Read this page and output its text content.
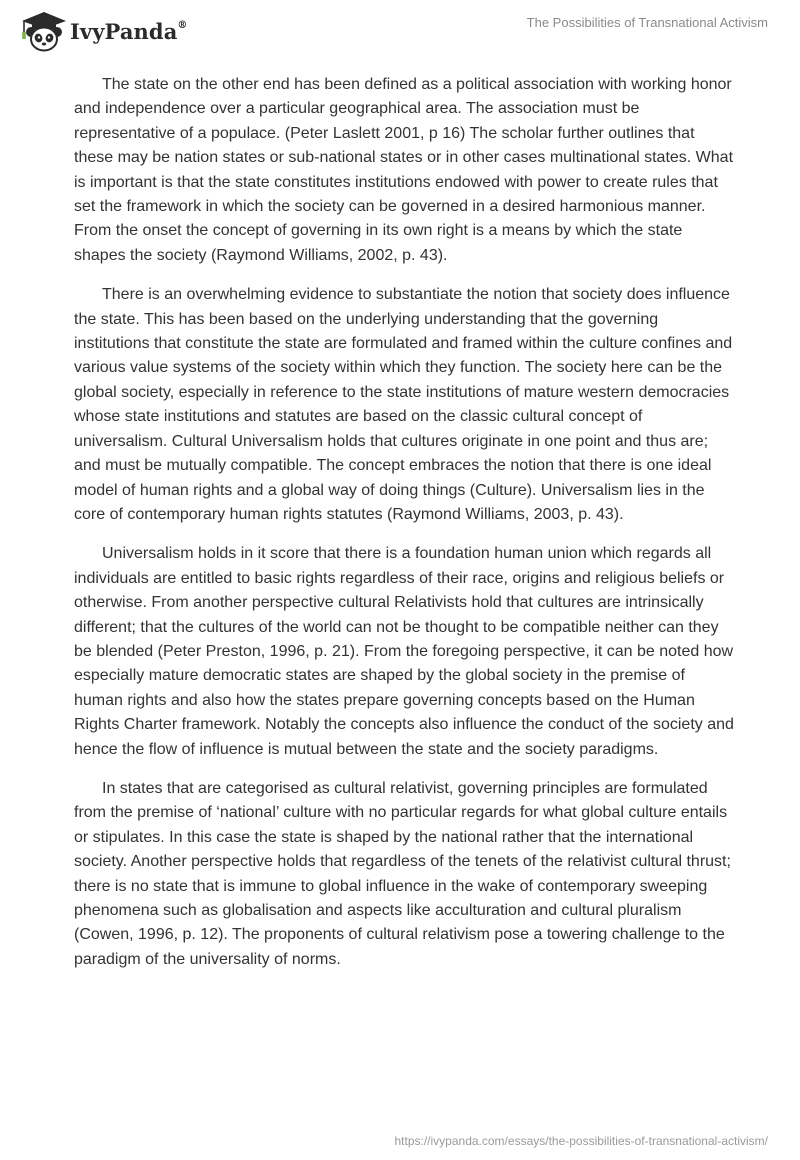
IvyPanda®	The Possibilities of Transnational Activism

The state on the other end has been defined as a political association with working honor and independence over a particular geographical area. The association must be representative of a populace. (Peter Laslett 2001, p 16) The scholar further outlines that these may be nation states or sub-national states or in other cases multinational states. What is important is that the state constitutes institutions endowed with power to create rules that set the framework in which the society can be governed in a desired harmonious manner. From the onset the concept of governing in its own right is a means by which the state shapes the society (Raymond Williams, 2002, p. 43).

There is an overwhelming evidence to substantiate the notion that society does influence the state. This has been based on the underlying understanding that the governing institutions that constitute the state are formulated and framed within the culture confines and various value systems of the society within which they function. The society here can be the global society, especially in reference to the state institutions of mature western democracies whose state institutions and statutes are based on the classic cultural concept of universalism. Cultural Universalism holds that cultures originate in one point and thus are; and must be mutually compatible. The concept embraces the notion that there is one ideal model of human rights and a global way of doing things (Culture). Universalism lies in the core of contemporary human rights statutes (Raymond Williams, 2003, p. 43).

Universalism holds in it score that there is a foundation human union which regards all individuals are entitled to basic rights regardless of their race, origins and religious beliefs or otherwise. From another perspective cultural Relativists hold that cultures are intrinsically different; that the cultures of the world can not be thought to be compatible neither can they be blended (Peter Preston, 1996, p. 21). From the foregoing perspective, it can be noted how especially mature democratic states are shaped by the global society in the premise of human rights and also how the states prepare governing concepts based on the Human Rights Charter framework. Notably the concepts also influence the conduct of the society and hence the flow of influence is mutual between the state and the society paradigms.

In states that are categorised as cultural relativist, governing principles are formulated from the premise of ‘national’ culture with no particular regards for what global culture entails or stipulates. In this case the state is shaped by the national rather that the international society. Another perspective holds that regardless of the tenets of the relativist cultural thrust; there is no state that is immune to global influence in the wake of contemporary sweeping phenomena such as globalisation and aspects like acculturation and cultural pluralism (Cowen, 1996, p. 12). The proponents of cultural relativism pose a towering challenge to the paradigm of the universality of norms.

https://ivypanda.com/essays/the-possibilities-of-transnational-activism/
